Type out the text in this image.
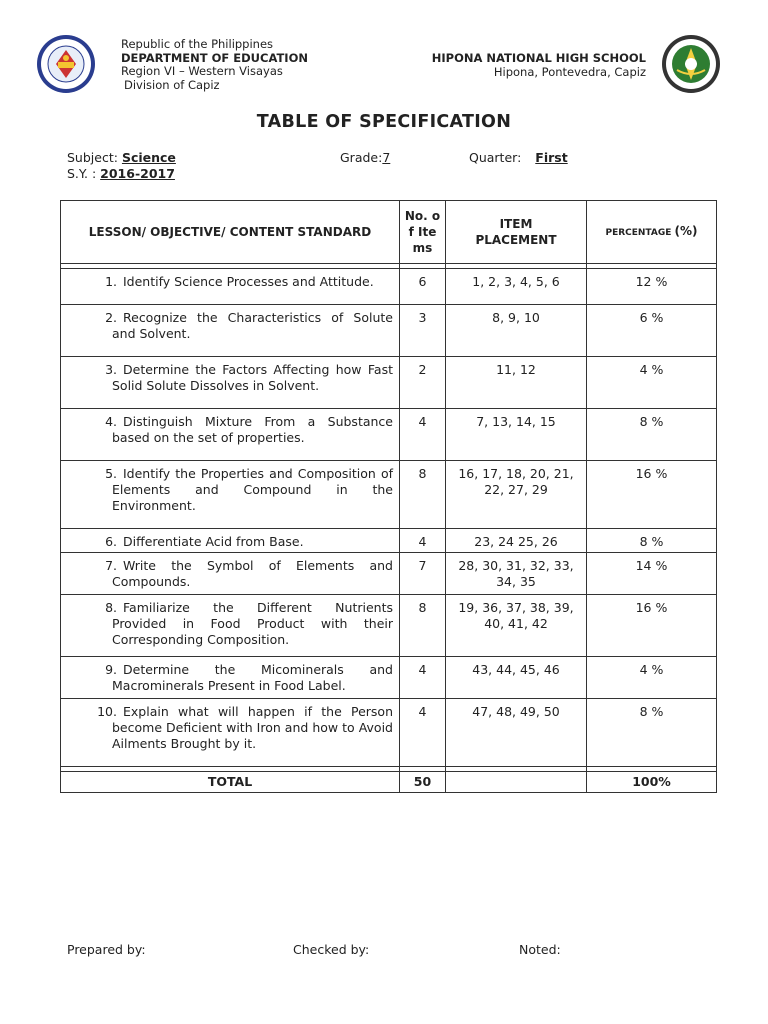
Republic of the Philippines
DEPARTMENT OF EDUCATION
Region VI – Western Visayas
Division of Capiz
HIPONA NATIONAL HIGH SCHOOL
Hipona, Pontevedra, Capiz
TABLE OF SPECIFICATION
Subject: Science	Grade:7	Quarter: First
S.Y. : 2016-2017
LESSON/ OBJECTIVE/ CONTENT STANDARD	No. of Items	ITEM PLACEMENT	PERCENTAGE (%)

1. Identify Science Processes and Attitude.	6	1, 2, 3, 4, 5, 6	12 %

2. Recognize the Characteristics of Solute and Solvent.	3	8, 9, 10	6 %

3. Determine the Factors Affecting how Fast Solid Solute Dissolves in Solvent.	2	11, 12	4 %

4. Distinguish Mixture From a Substance based on the set of properties.	4	7, 13, 14, 15	8 %

5. Identify the Properties and Composition of Elements and Compound in the Environment.	8	16, 17, 18, 20, 21, 22, 27, 29	16 %

6. Differentiate Acid from Base.	4	23, 24 25, 26	8 %

7. Write the Symbol of Elements and Compounds.	7	28, 30, 31, 32, 33, 34, 35	14 %

8. Familiarize the Different Nutrients Provided in Food Product with their Corresponding Composition.	8	19, 36, 37, 38, 39, 40, 41, 42	16 %

9. Determine the Micominerals and Macrominerals Present in Food Label.	4	43, 44, 45, 46	4 %

10. Explain what will happen if the Person become Deficient with Iron and how to Avoid Ailments Brought by it.	4	47, 48, 49, 50	8 %

TOTAL	50		100%
Prepared by:	Checked by:	Noted:
